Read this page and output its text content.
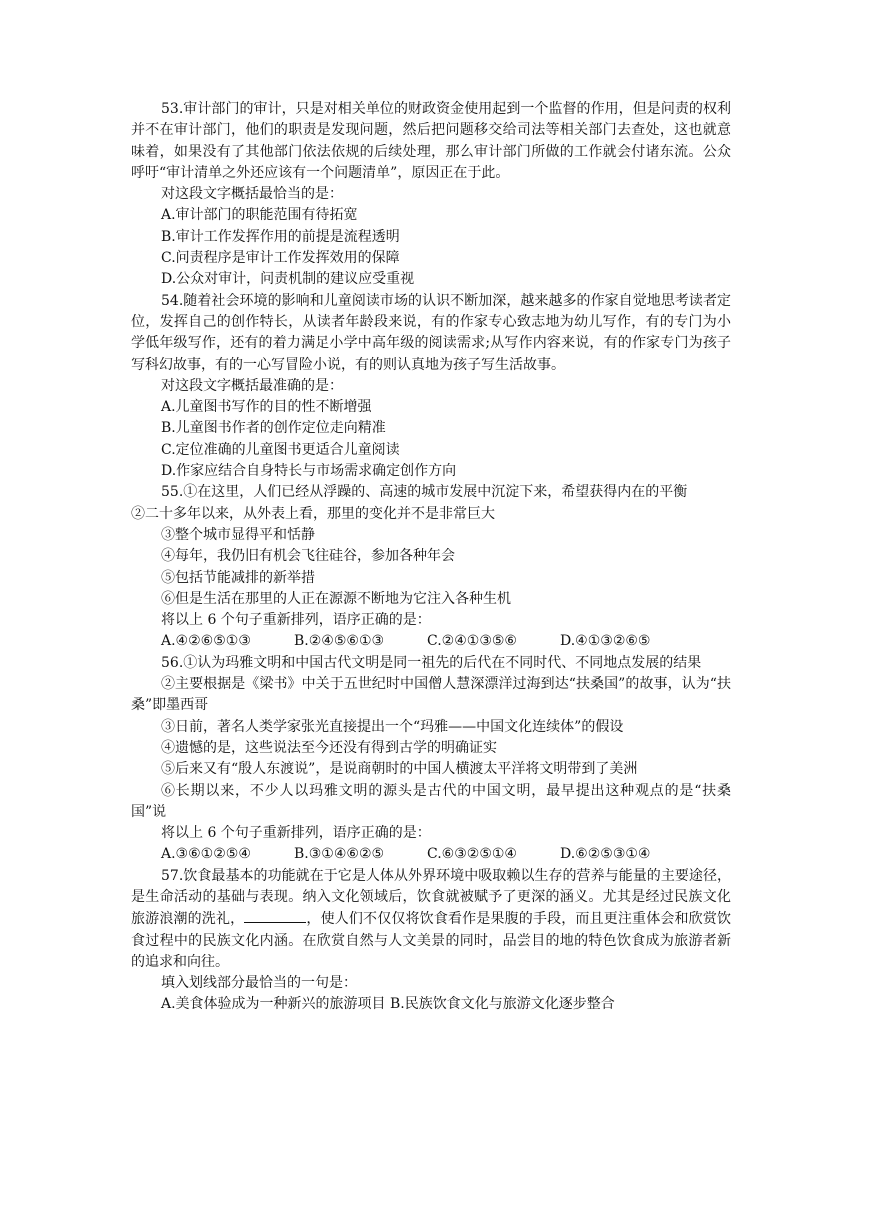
53.审计部门的审计，只是对相关单位的财政资金使用起到一个监督的作用，但是问责的权利并不在审计部门，他们的职责是发现问题，然后把问题移交给司法等相关部门去查处，这也就意味着，如果没有了其他部门依法依规的后续处理，那么审计部门所做的工作就会付诸东流。公众呼吁“审计清单之外还应该有一个问题清单”，原因正在于此。

对这段文字概括最恰当的是：

A.审计部门的职能范围有待拓宽

B.审计工作发挥作用的前提是流程透明

C.问责程序是审计工作发挥效用的保障

D.公众对审计，问责机制的建议应受重视

54.随着社会环境的影响和儿童阅读市场的认识不断加深，越来越多的作家自觉地思考读者定位，发挥自己的创作特长，从读者年龄段来说，有的作家专心致志地为幼儿写作，有的专门为小学低年级写作，还有的着力满足小学中高年级的阅读需求;从写作内容来说，有的作家专门为孩子写科幻故事，有的一心写冒险小说，有的则认真地为孩子写生活故事。

对这段文字概括最准确的是：

A.儿童图书写作的目的性不断增强

B.儿童图书作者的创作定位走向精准

C.定位准确的儿童图书更适合儿童阅读

D.作家应结合自身特长与市场需求确定创作方向

55.①在这里，人们已经从浮躁的、高速的城市发展中沉淀下来，希望获得内在的平衡

②二十多年以来，从外表上看，那里的变化并不是非常巨大

③整个城市显得平和恬静

④每年，我仍旧有机会飞往硅谷，参加各种年会

⑤包括节能减排的新举措

⑥但是生活在那里的人正在源源不断地为它注入各种生机

将以上 6 个句子重新排列，语序正确的是：

A.④②⑥⑤①③	B.②④⑤⑥①③	C.②④①③⑤⑥	D.④①③②⑥⑤

56.①认为玛雅文明和中国古代文明是同一祖先的后代在不同时代、不同地点发展的结果

②主要根据是《梁书》中关于五世纪时中国僧人慧深漂洋过海到达“扶桑国”的故事，认为“扶桑”即墨西哥

③日前，著名人类学家张光直接提出一个“玛雅——中国文化连续体”的假设

④遗憾的是，这些说法至今还没有得到古学的明确证实

⑤后来又有“殷人东渡说”，是说商朝时的中国人横渡太平洋将文明带到了美洲

⑥长期以来，不少人以玛雅文明的源头是古代的中国文明，最早提出这种观点的是“扶桑国”说

将以上 6 个句子重新排列，语序正确的是：

A.③⑥①②⑤④	B.③①④⑥②⑤	C.⑥③②⑤①④	D.⑥②⑤③①④

57.饮食最基本的功能就在于它是人体从外界环境中吸取赖以生存的营养与能量的主要途径，是生命活动的基础与表现。纳入文化领域后，饮食就被赋予了更深的涵义。尤其是经过民族文化旅游浪潮的洗礼，	，使人们不仅仅将饮食看作是果腹的手段，而且更注重体会和欣赏饮食过程中的民族文化内涵。在欣赏自然与人文美景的同时，品尝目的地的特色饮食成为旅游者新的追求和向往。

填入划线部分最恰当的一句是：

A.美食体验成为一种新兴的旅游项目 B.民族饮食文化与旅游文化逐步整合
